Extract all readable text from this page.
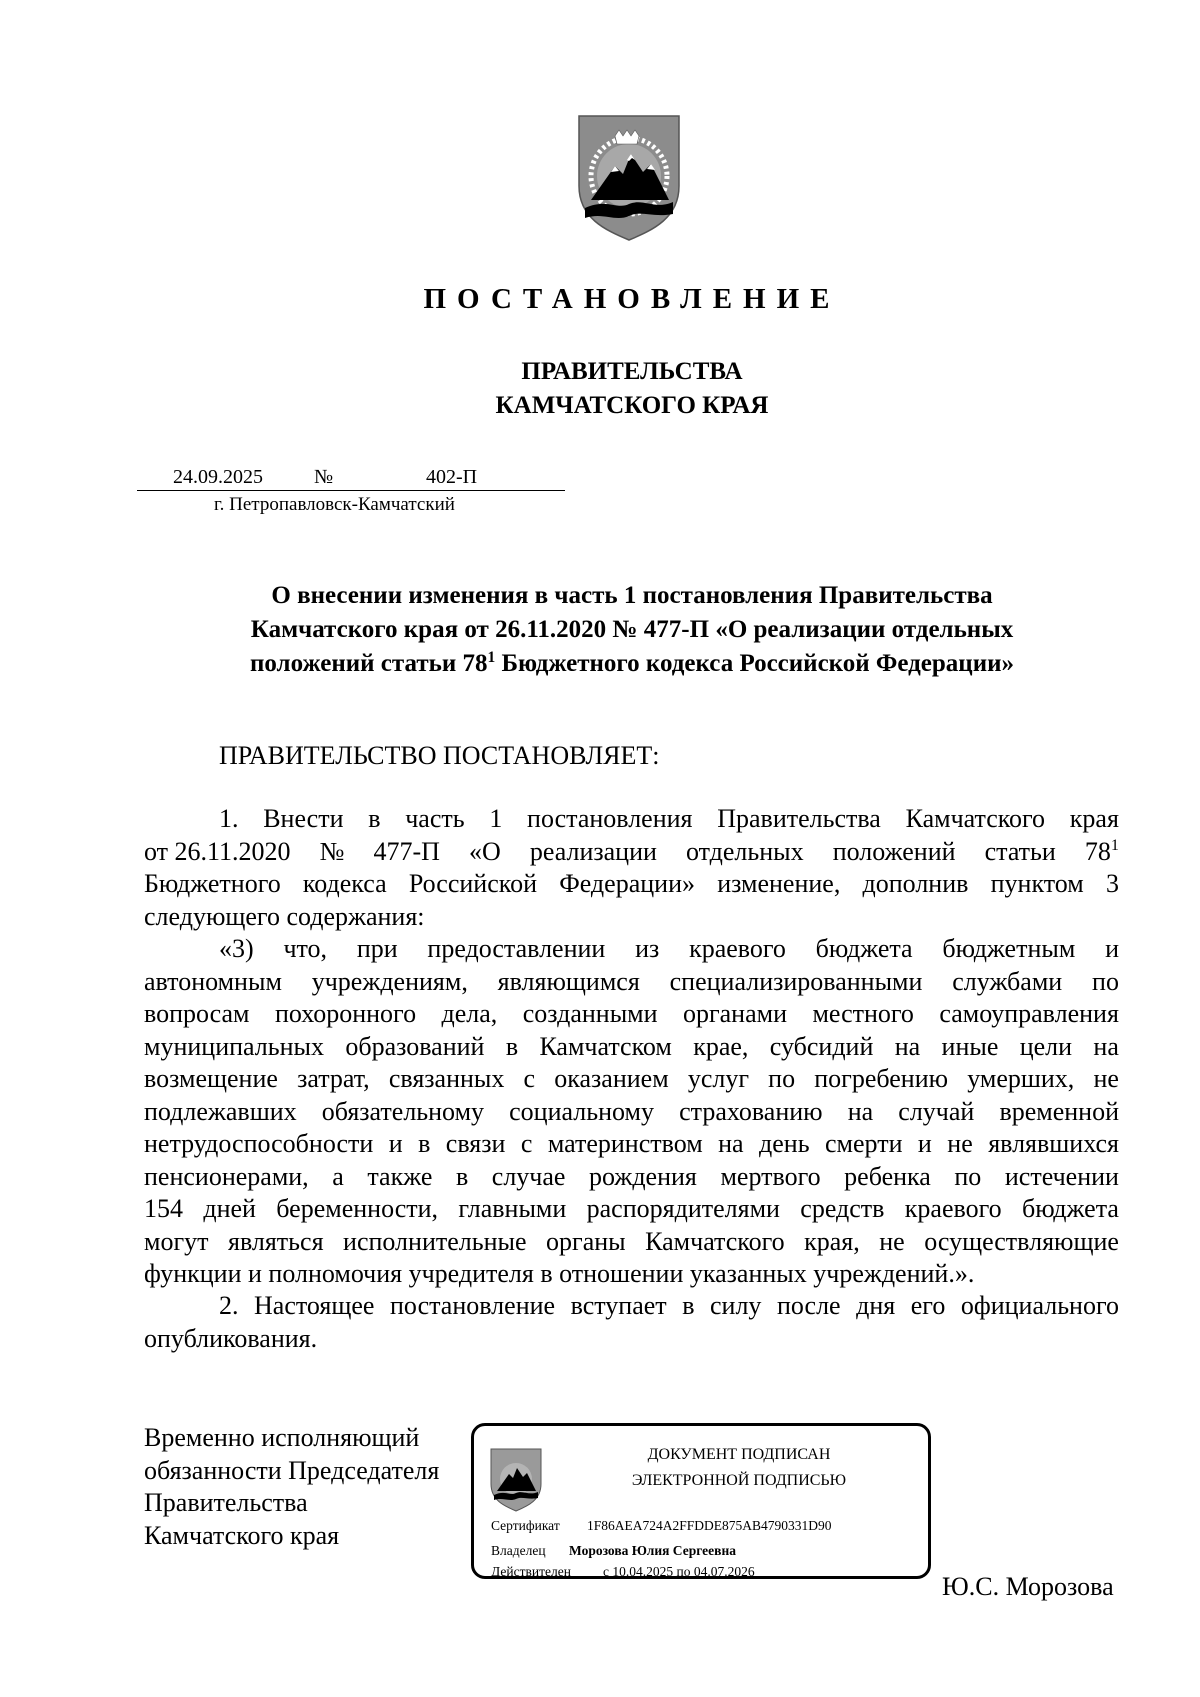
ПОСТАНОВЛЕНИЕ
ПРАВИТЕЛЬСТВА
КАМЧАТСКОГО КРАЯ
24.09.2025	№	402-П
г. Петропавловск-Камчатский
О внесении изменения в часть 1 постановления Правительства
Камчатского края от 26.11.2020 № 477-П «О реализации отдельных
положений статьи $78^1$ Бюджетного кодекса Российской Федерации»
ПРАВИТЕЛЬСТВО ПОСТАНОВЛЯЕТ:
1. Внести в часть 1 постановления Правительства Камчатского края
от 26.11.2020 № 477-П «О реализации отдельных положений статьи $78^1$
Бюджетного кодекса Российской Федерации» изменение, дополнив пунктом 3
следующего содержания:
«3) что, при предоставлении из краевого бюджета бюджетным и
автономным учреждениям, являющимся специализированными службами по
вопросам похоронного дела, созданными органами местного самоуправления
муниципальных образований в Камчатском крае, субсидий на иные цели на
возмещение затрат, связанных с оказанием услуг по погребению умерших, не
подлежавших обязательному социальному страхованию на случай временной
нетрудоспособности и в связи с материнством на день смерти и не являвшихся
пенсионерами, а также в случае рождения мертвого ребенка по истечении
154 дней беременности, главными распорядителями средств краевого бюджета
могут являться исполнительные органы Камчатского края, не осуществляющие
функции и полномочия учредителя в отношении указанных учреждений.».
2. Настоящее постановление вступает в силу после дня его официального
опубликования.
Временно исполняющий
обязанности Председателя
Правительства
Камчатского края
ДОКУМЕНТ ПОДПИСАН
ЭЛЕКТРОННОЙ ПОДПИСЬЮ
Сертификат 1F86AEA724A2FFDDE875AB4790331D90
Владелец Морозова Юлия Сергеевна
Действителен с 10.04.2025 по 04.07.2026
Ю.С. Морозова
